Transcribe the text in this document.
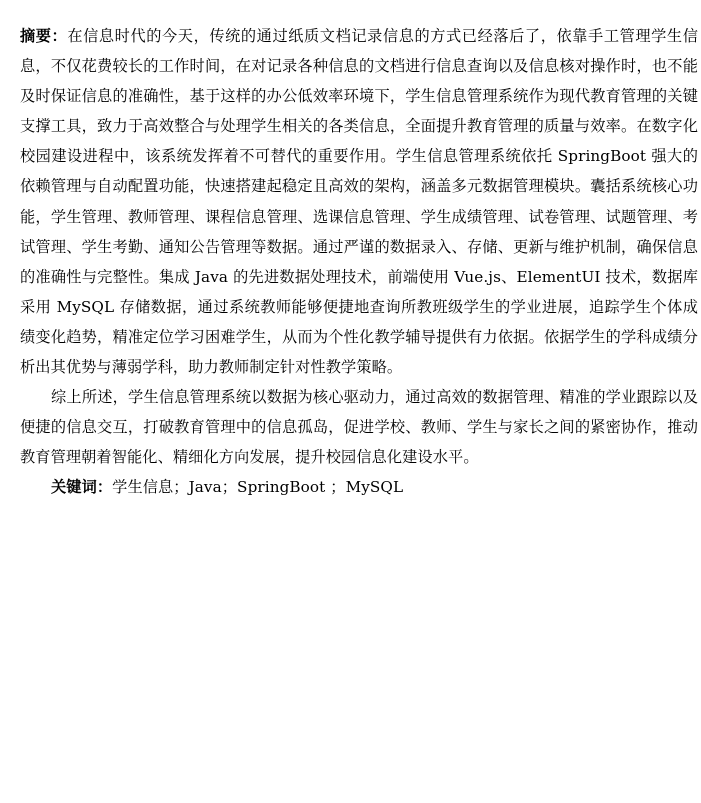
摘要：在信息时代的今天，传统的通过纸质文档记录信息的方式已经落后了，依靠手工管理学生信息，不仅花费较长的工作时间，在对记录各种信息的文档进行信息查询以及信息核对操作时，也不能及时保证信息的准确性，基于这样的办公低效率环境下，学生信息管理系统作为现代教育管理的关键支撑工具，致力于高效整合与处理学生相关的各类信息，全面提升教育管理的质量与效率。在数字化校园建设进程中，该系统发挥着不可替代的重要作用。学生信息管理系统依托 SpringBoot 强大的依赖管理与自动配置功能，快速搭建起稳定且高效的架构，涵盖多元数据管理模块。囊括系统核心功能，学生管理、教师管理、课程信息管理、选课信息管理、学生成绩管理、试卷管理、试题管理、考试管理、学生考勤、通知公告管理等数据。通过严谨的数据录入、存储、更新与维护机制，确保信息的准确性与完整性。集成 Java 的先进数据处理技术，前端使用 Vue.js、ElementUI 技术，数据库采用 MySQL 存储数据，通过系统教师能够便捷地查询所教班级学生的学业进展，追踪学生个体成绩变化趋势，精准定位学习困难学生，从而为个性化教学辅导提供有力依据。依据学生的学科成绩分析出其优势与薄弱学科，助力教师制定针对性教学策略。

综上所述，学生信息管理系统以数据为核心驱动力，通过高效的数据管理、精准的学业跟踪以及便捷的信息交互，打破教育管理中的信息孤岛，促进学校、教师、学生与家长之间的紧密协作，推动教育管理朝着智能化、精细化方向发展，提升校园信息化建设水平。

关键词：学生信息；Java；SpringBoot ；MySQL
